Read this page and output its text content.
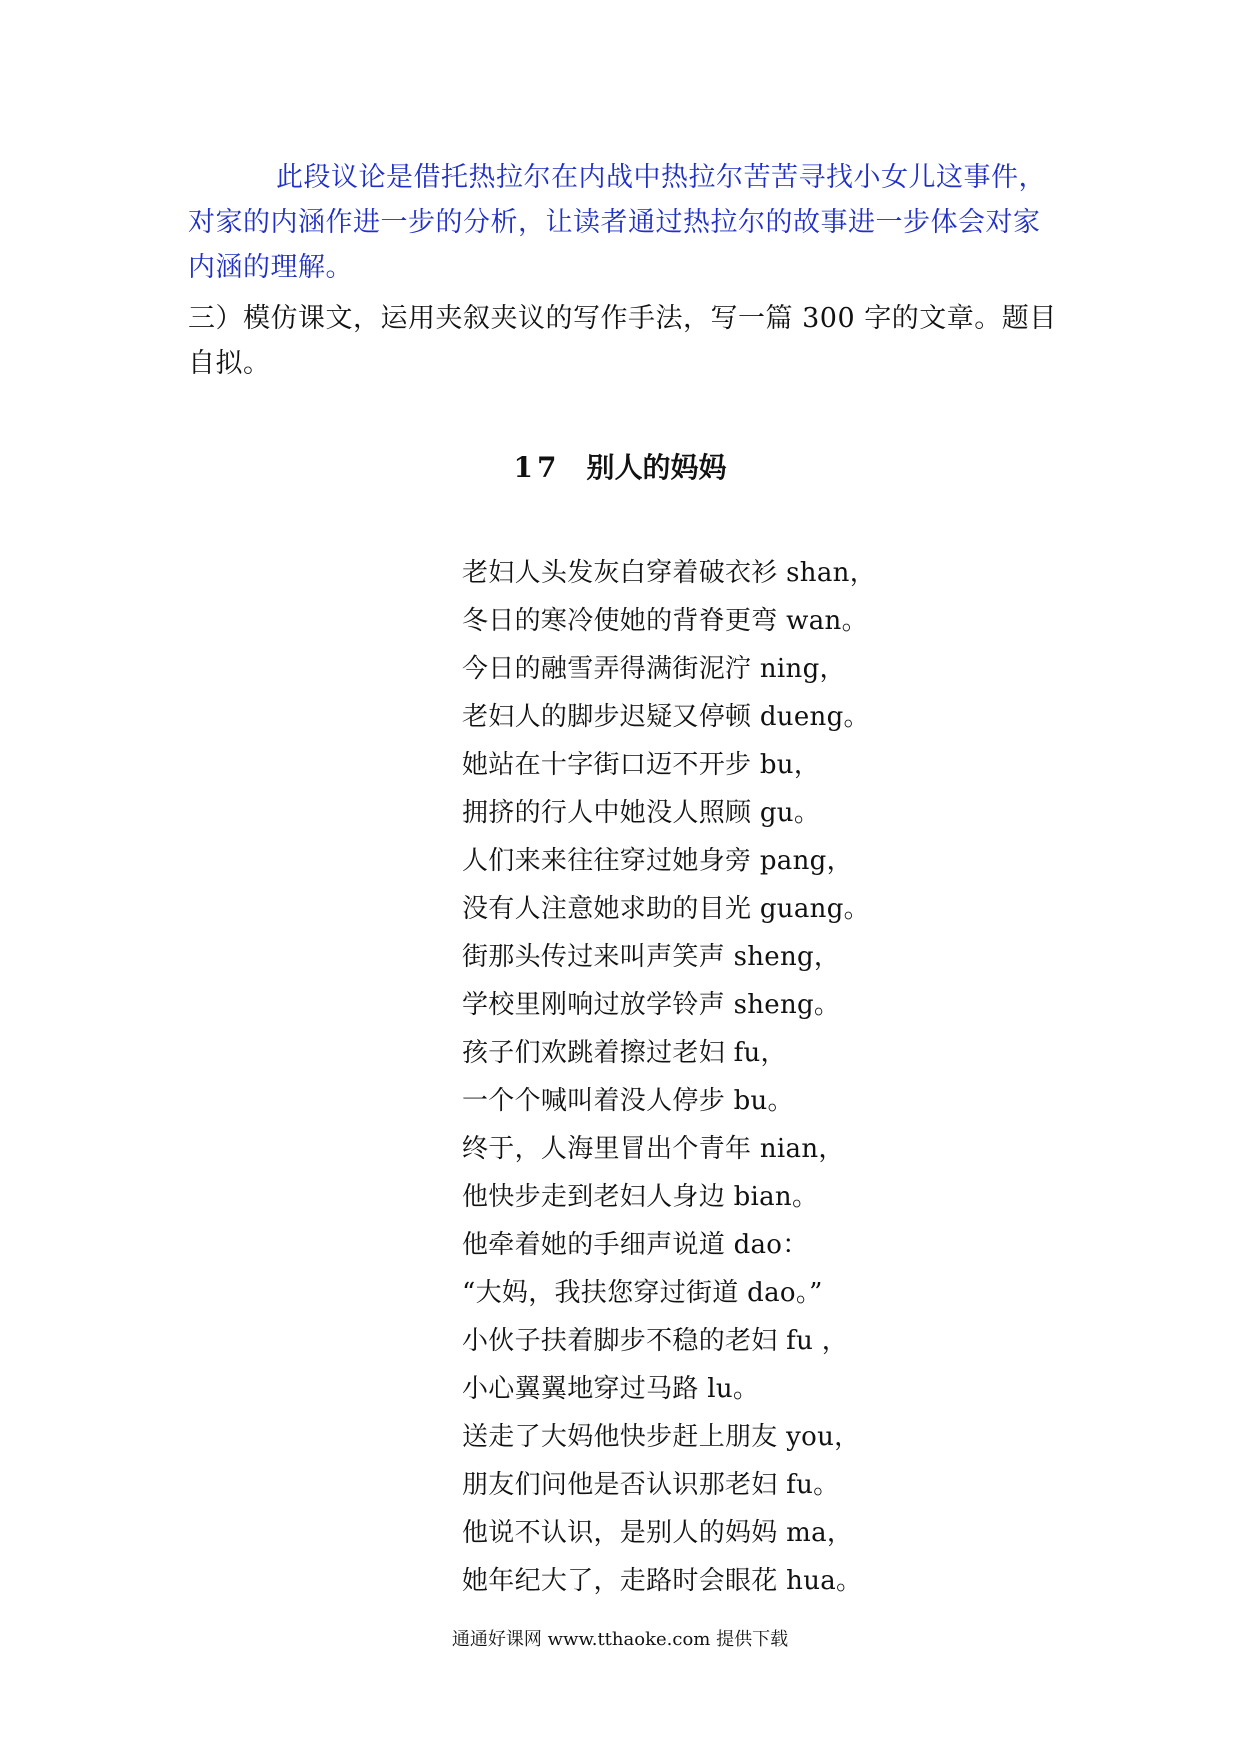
此段议论是借托热拉尔在内战中热拉尔苦苦寻找小女儿这事件，对家的内涵作进一步的分析，让读者通过热拉尔的故事进一步体会对家内涵的理解。

三）模仿课文，运用夹叙夹议的写作手法，写一篇 300 字的文章。题目自拟。

17 别人的妈妈
老妇人头发灰白穿着破衣衫 shan，
冬日的寒冷使她的背脊更弯 wan。
今日的融雪弄得满街泥泞 ning，
老妇人的脚步迟疑又停顿 dueng。
她站在十字街口迈不开步 bu，
拥挤的行人中她没人照顾 gu。
人们来来往往穿过她身旁 pang，
没有人注意她求助的目光 guang。
街那头传过来叫声笑声 sheng，
学校里刚响过放学铃声 sheng。
孩子们欢跳着擦过老妇 fu，
一个个喊叫着没人停步 bu。
终于，人海里冒出个青年 nian，
他快步走到老妇人身边 bian。
他牵着她的手细声说道 dao：
“大妈，我扶您穿过街道 dao。”
小伙子扶着脚步不稳的老妇 fu ，
小心翼翼地穿过马路 lu。
送走了大妈他快步赶上朋友 you，
朋友们问他是否认识那老妇 fu。
他说不认识，是别人的妈妈 ma，
她年纪大了，走路时会眼花 hua。
通通好课网 www.tthaoke.com 提供下载
